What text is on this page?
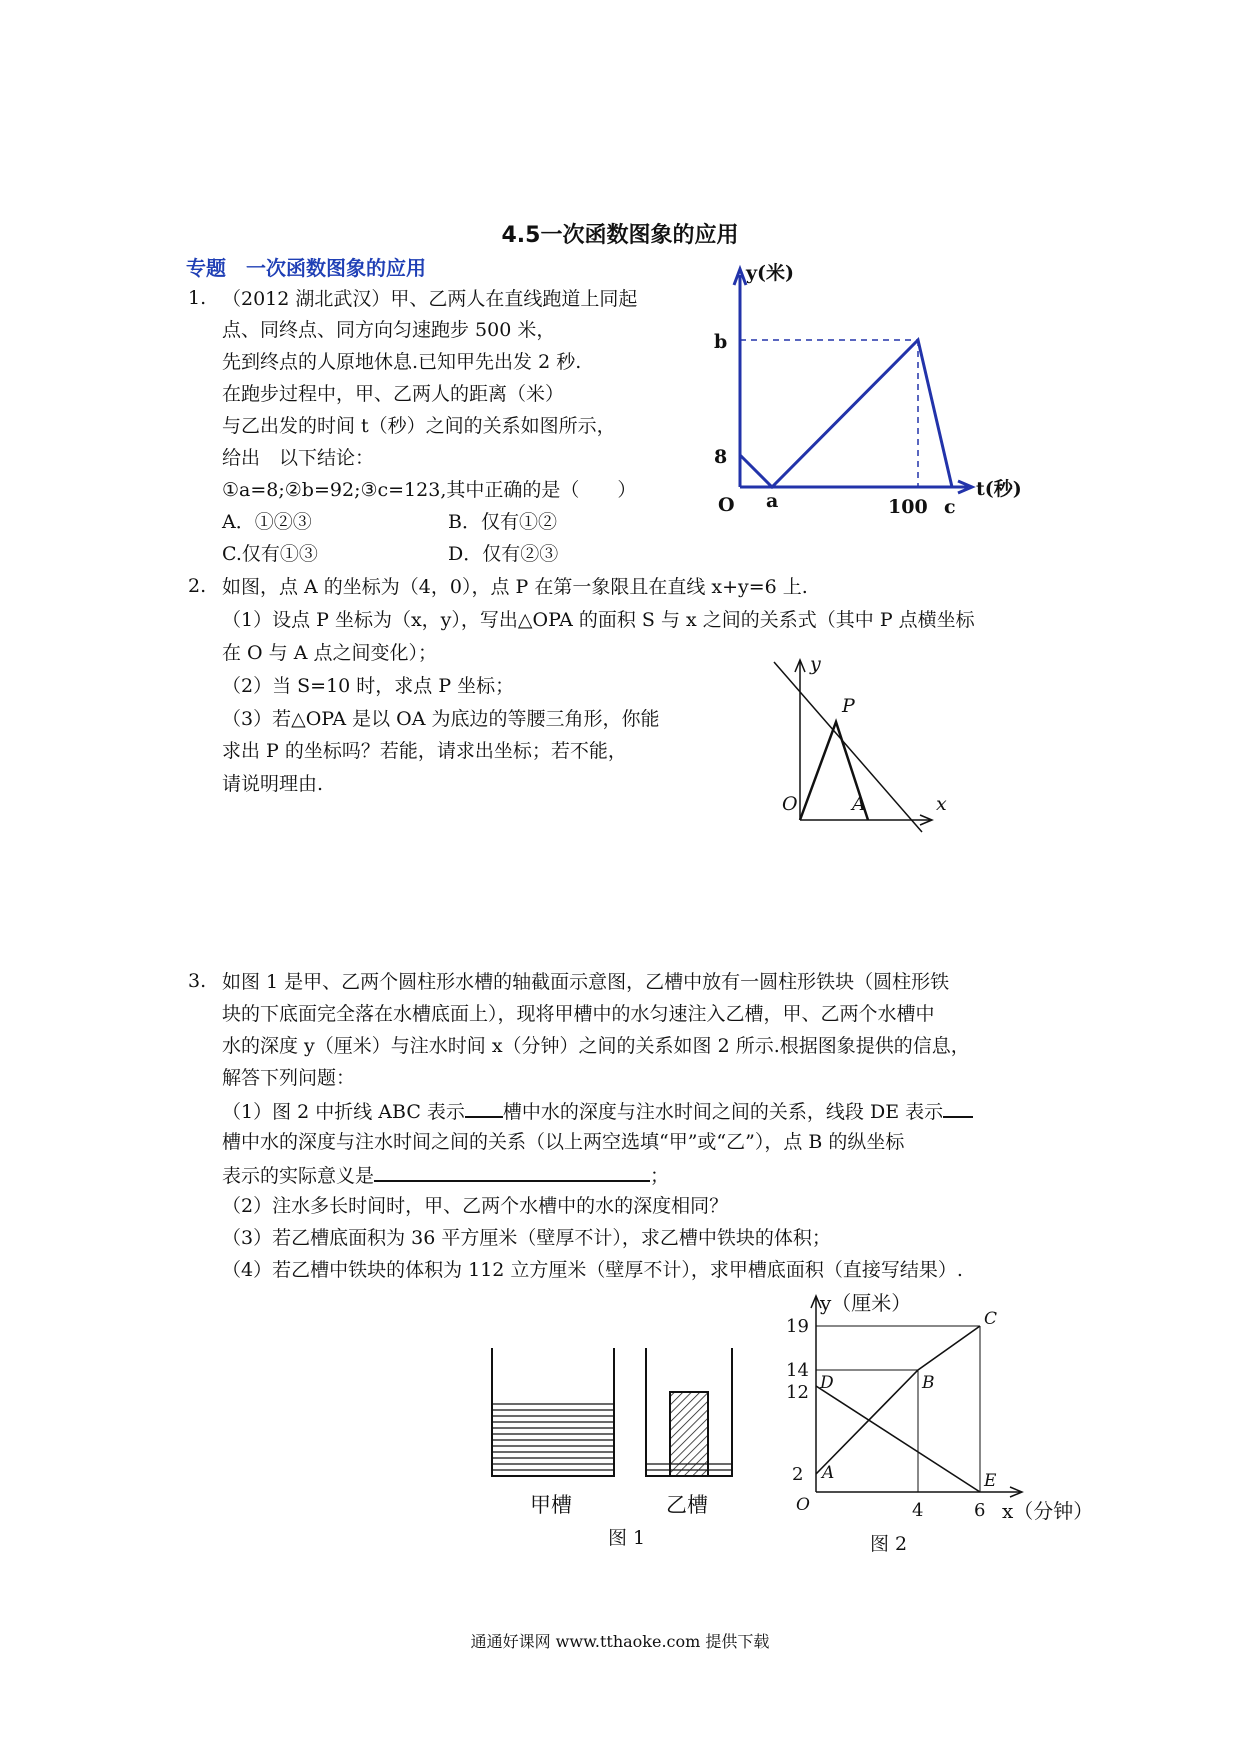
4.5一次函数图象的应用
专题　一次函数图象的应用
1. （2012 湖北武汉）甲、乙两人在直线跑道上同起
点、同终点、同方向匀速跑步 500 米，
先到终点的人原地休息.已知甲先出发 2 秒.
在跑步过程中，甲、乙两人的距离（米）
与乙出发的时间 t（秒）之间的关系如图所示，
给出　以下结论：
①a=8;②b=92;③c=123,其中正确的是（　　）
A．①②③	B．仅有①②
C.仅有①③	D．仅有②③
y(米)
t(秒)
b
8
O a	100 c
2. 如图，点 A 的坐标为（4，0），点 P 在第一象限且在直线 x+y=6 上.
（1）设点 P 坐标为（x，y），写出△OPA 的面积 S 与 x 之间的关系式（其中 P 点横坐标
在 O 与 A 点之间变化）；
（2）当 S=10 时，求点 P 坐标；
（3）若△OPA 是以 OA 为底边的等腰三角形，你能
求出 P 的坐标吗？若能，请求出坐标；若不能，
请说明理由.
y
x
O	A
P
3. 如图 1 是甲、乙两个圆柱形水槽的轴截面示意图，乙槽中放有一圆柱形铁块（圆柱形铁
块的下底面完全落在水槽底面上），现将甲槽中的水匀速注入乙槽，甲、乙两个水槽中
水的深度 y（厘米）与注水时间 x（分钟）之间的关系如图 2 所示.根据图象提供的信息，
解答下列问题：
（1）图 2 中折线 ABC 表示 槽中水的深度与注水时间之间的关系，线段 DE 表示
槽中水的深度与注水时间之间的关系（以上两空选填“甲”或“乙”），点 B 的纵坐标
表示的实际意义是	；
（2）注水多长时间时，甲、乙两个水槽中的水的深度相同？
（3）若乙槽底面积为 36 平方厘米（壁厚不计），求乙槽中铁块的体积；
（4）若乙槽中铁块的体积为 112 立方厘米（壁厚不计），求甲槽底面积（直接写结果）.
甲槽	乙槽
图 1
19
14
12
2
4	6
y（厘米）
x（分钟）
图 2
O
A
B
C
D
E
通通好课网 www.tthaoke.com 提供下载
